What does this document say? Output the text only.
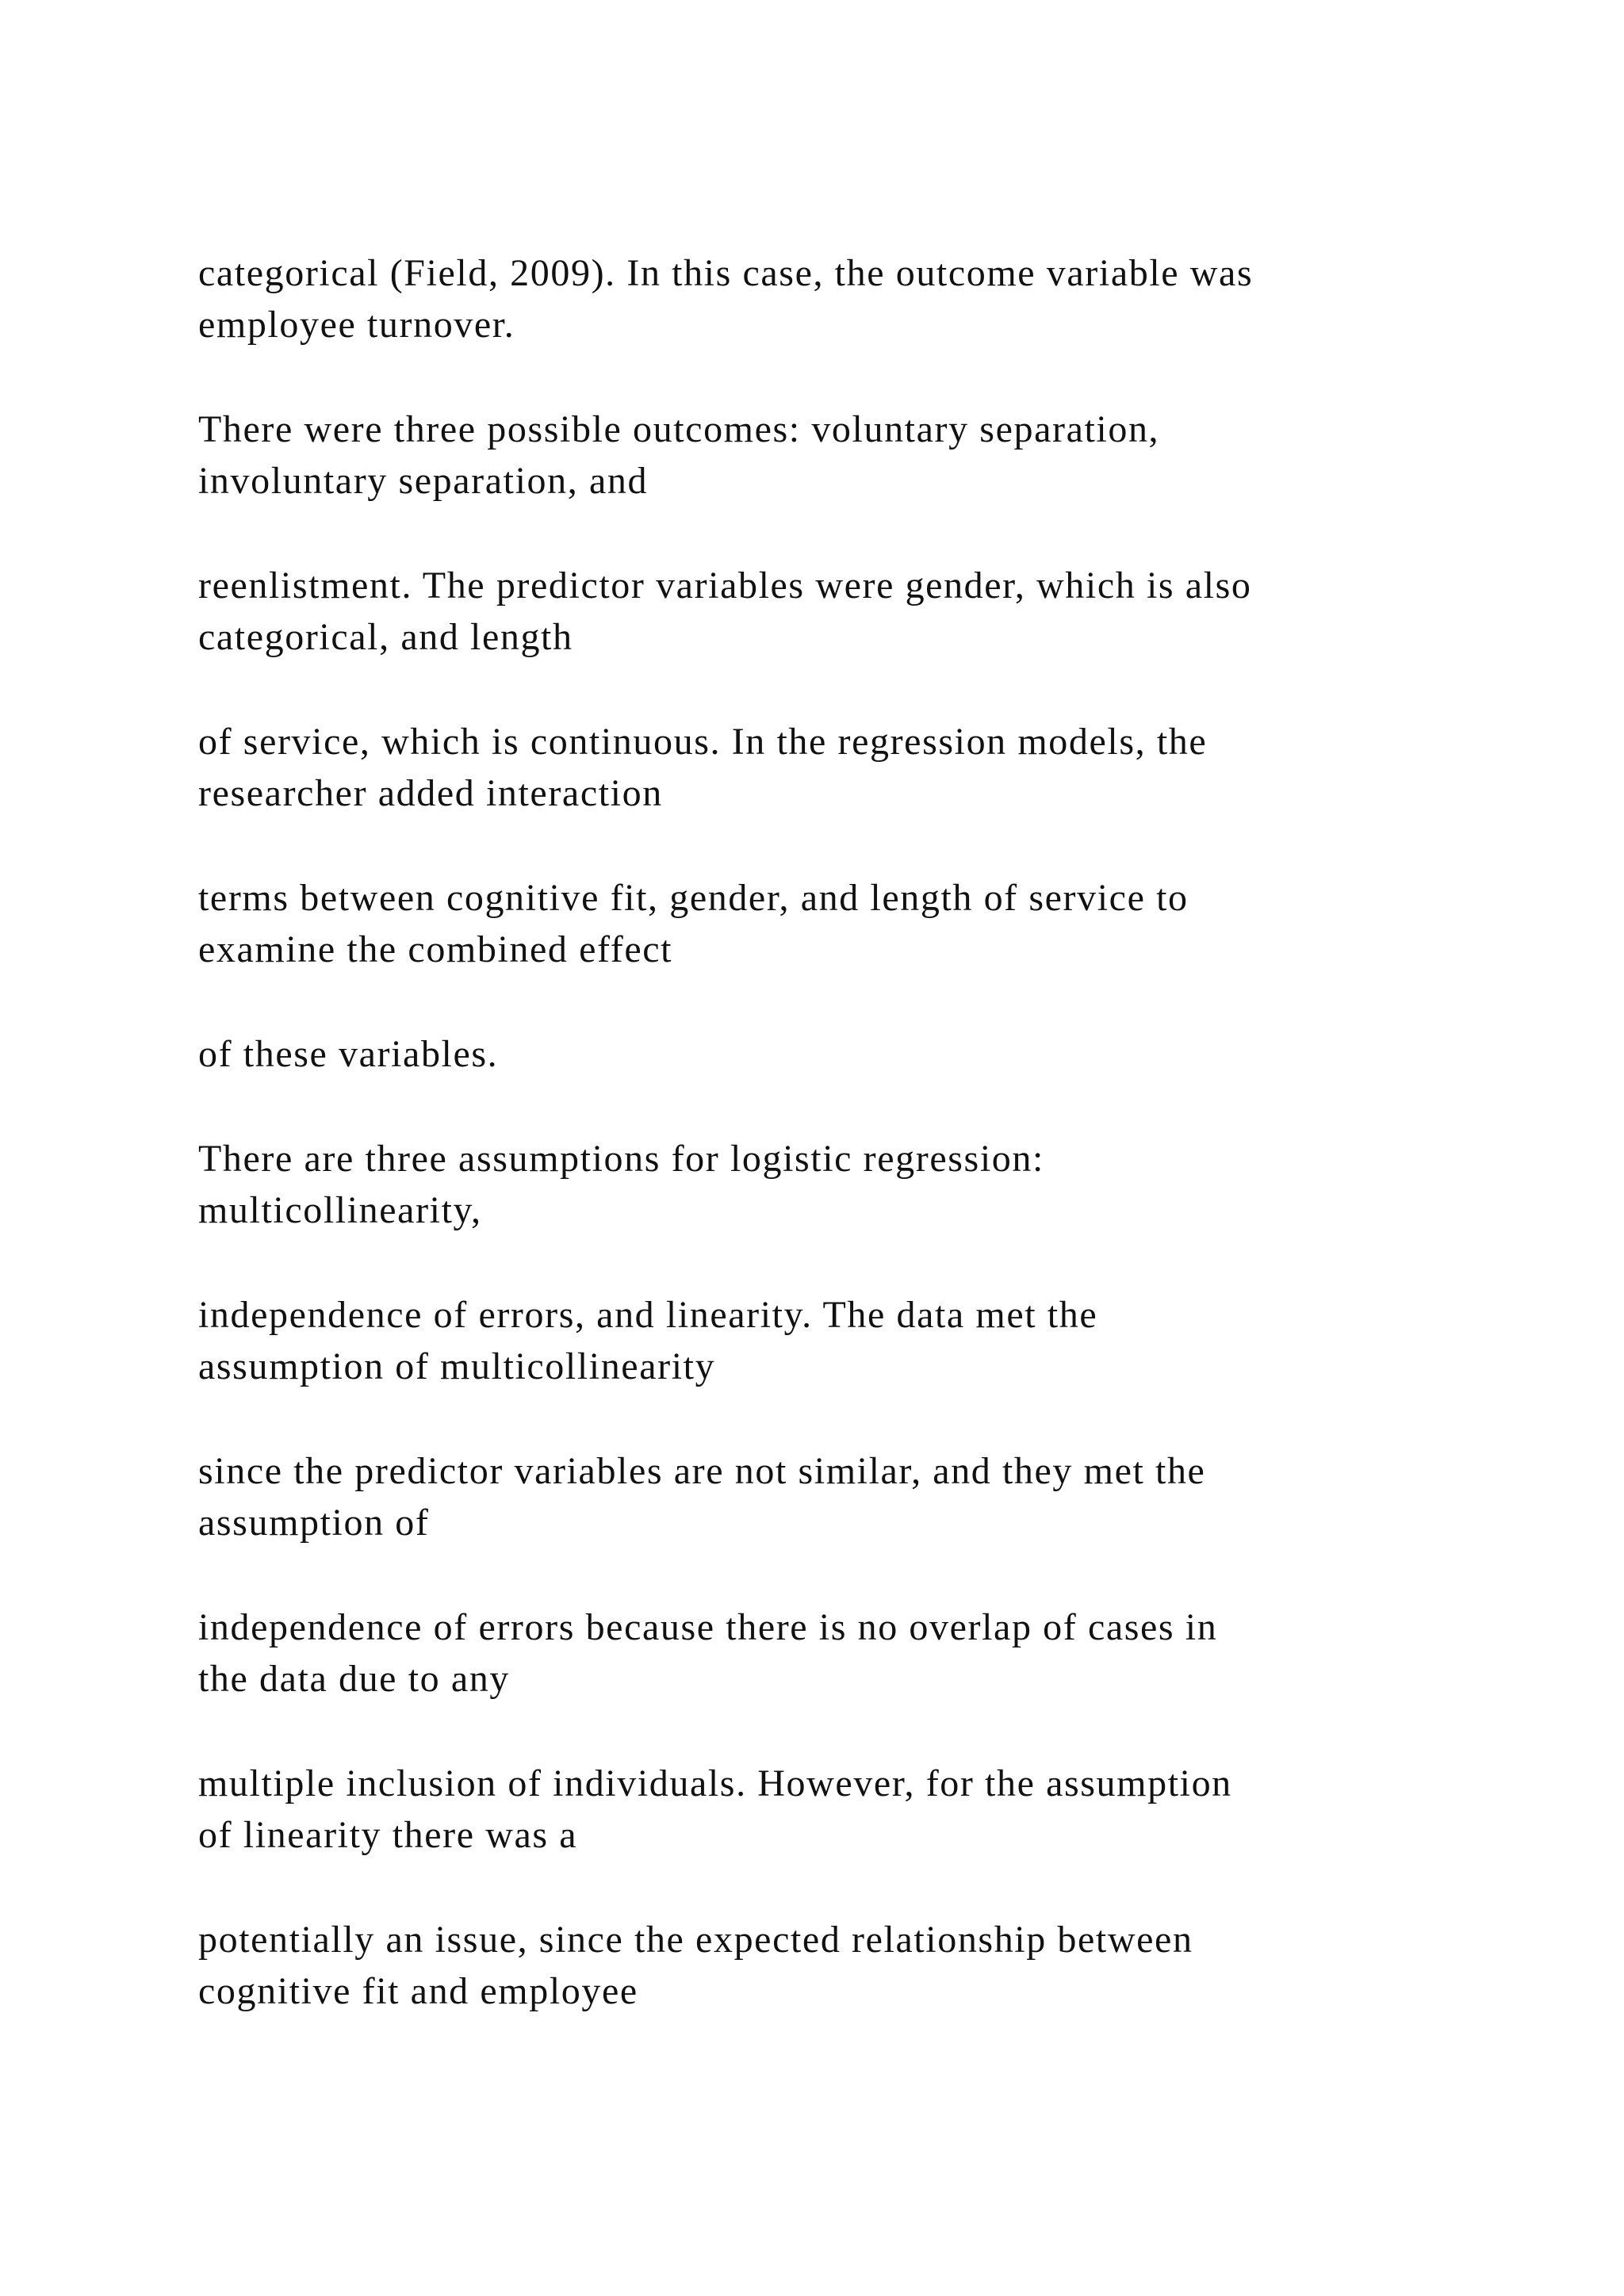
categorical (Field, 2009). In this case, the outcome variable was
employee turnover.

There were three possible outcomes: voluntary separation,
involuntary separation, and

reenlistment. The predictor variables were gender, which is also
categorical, and length

of service, which is continuous. In the regression models, the
researcher added interaction

terms between cognitive fit, gender, and length of service to
examine the combined effect

of these variables.

There are three assumptions for logistic regression:
multicollinearity,

independence of errors, and linearity. The data met the
assumption of multicollinearity

since the predictor variables are not similar, and they met the
assumption of

independence of errors because there is no overlap of cases in
the data due to any

multiple inclusion of individuals. However, for the assumption
of linearity there was a

potentially an issue, since the expected relationship between
cognitive fit and employee
